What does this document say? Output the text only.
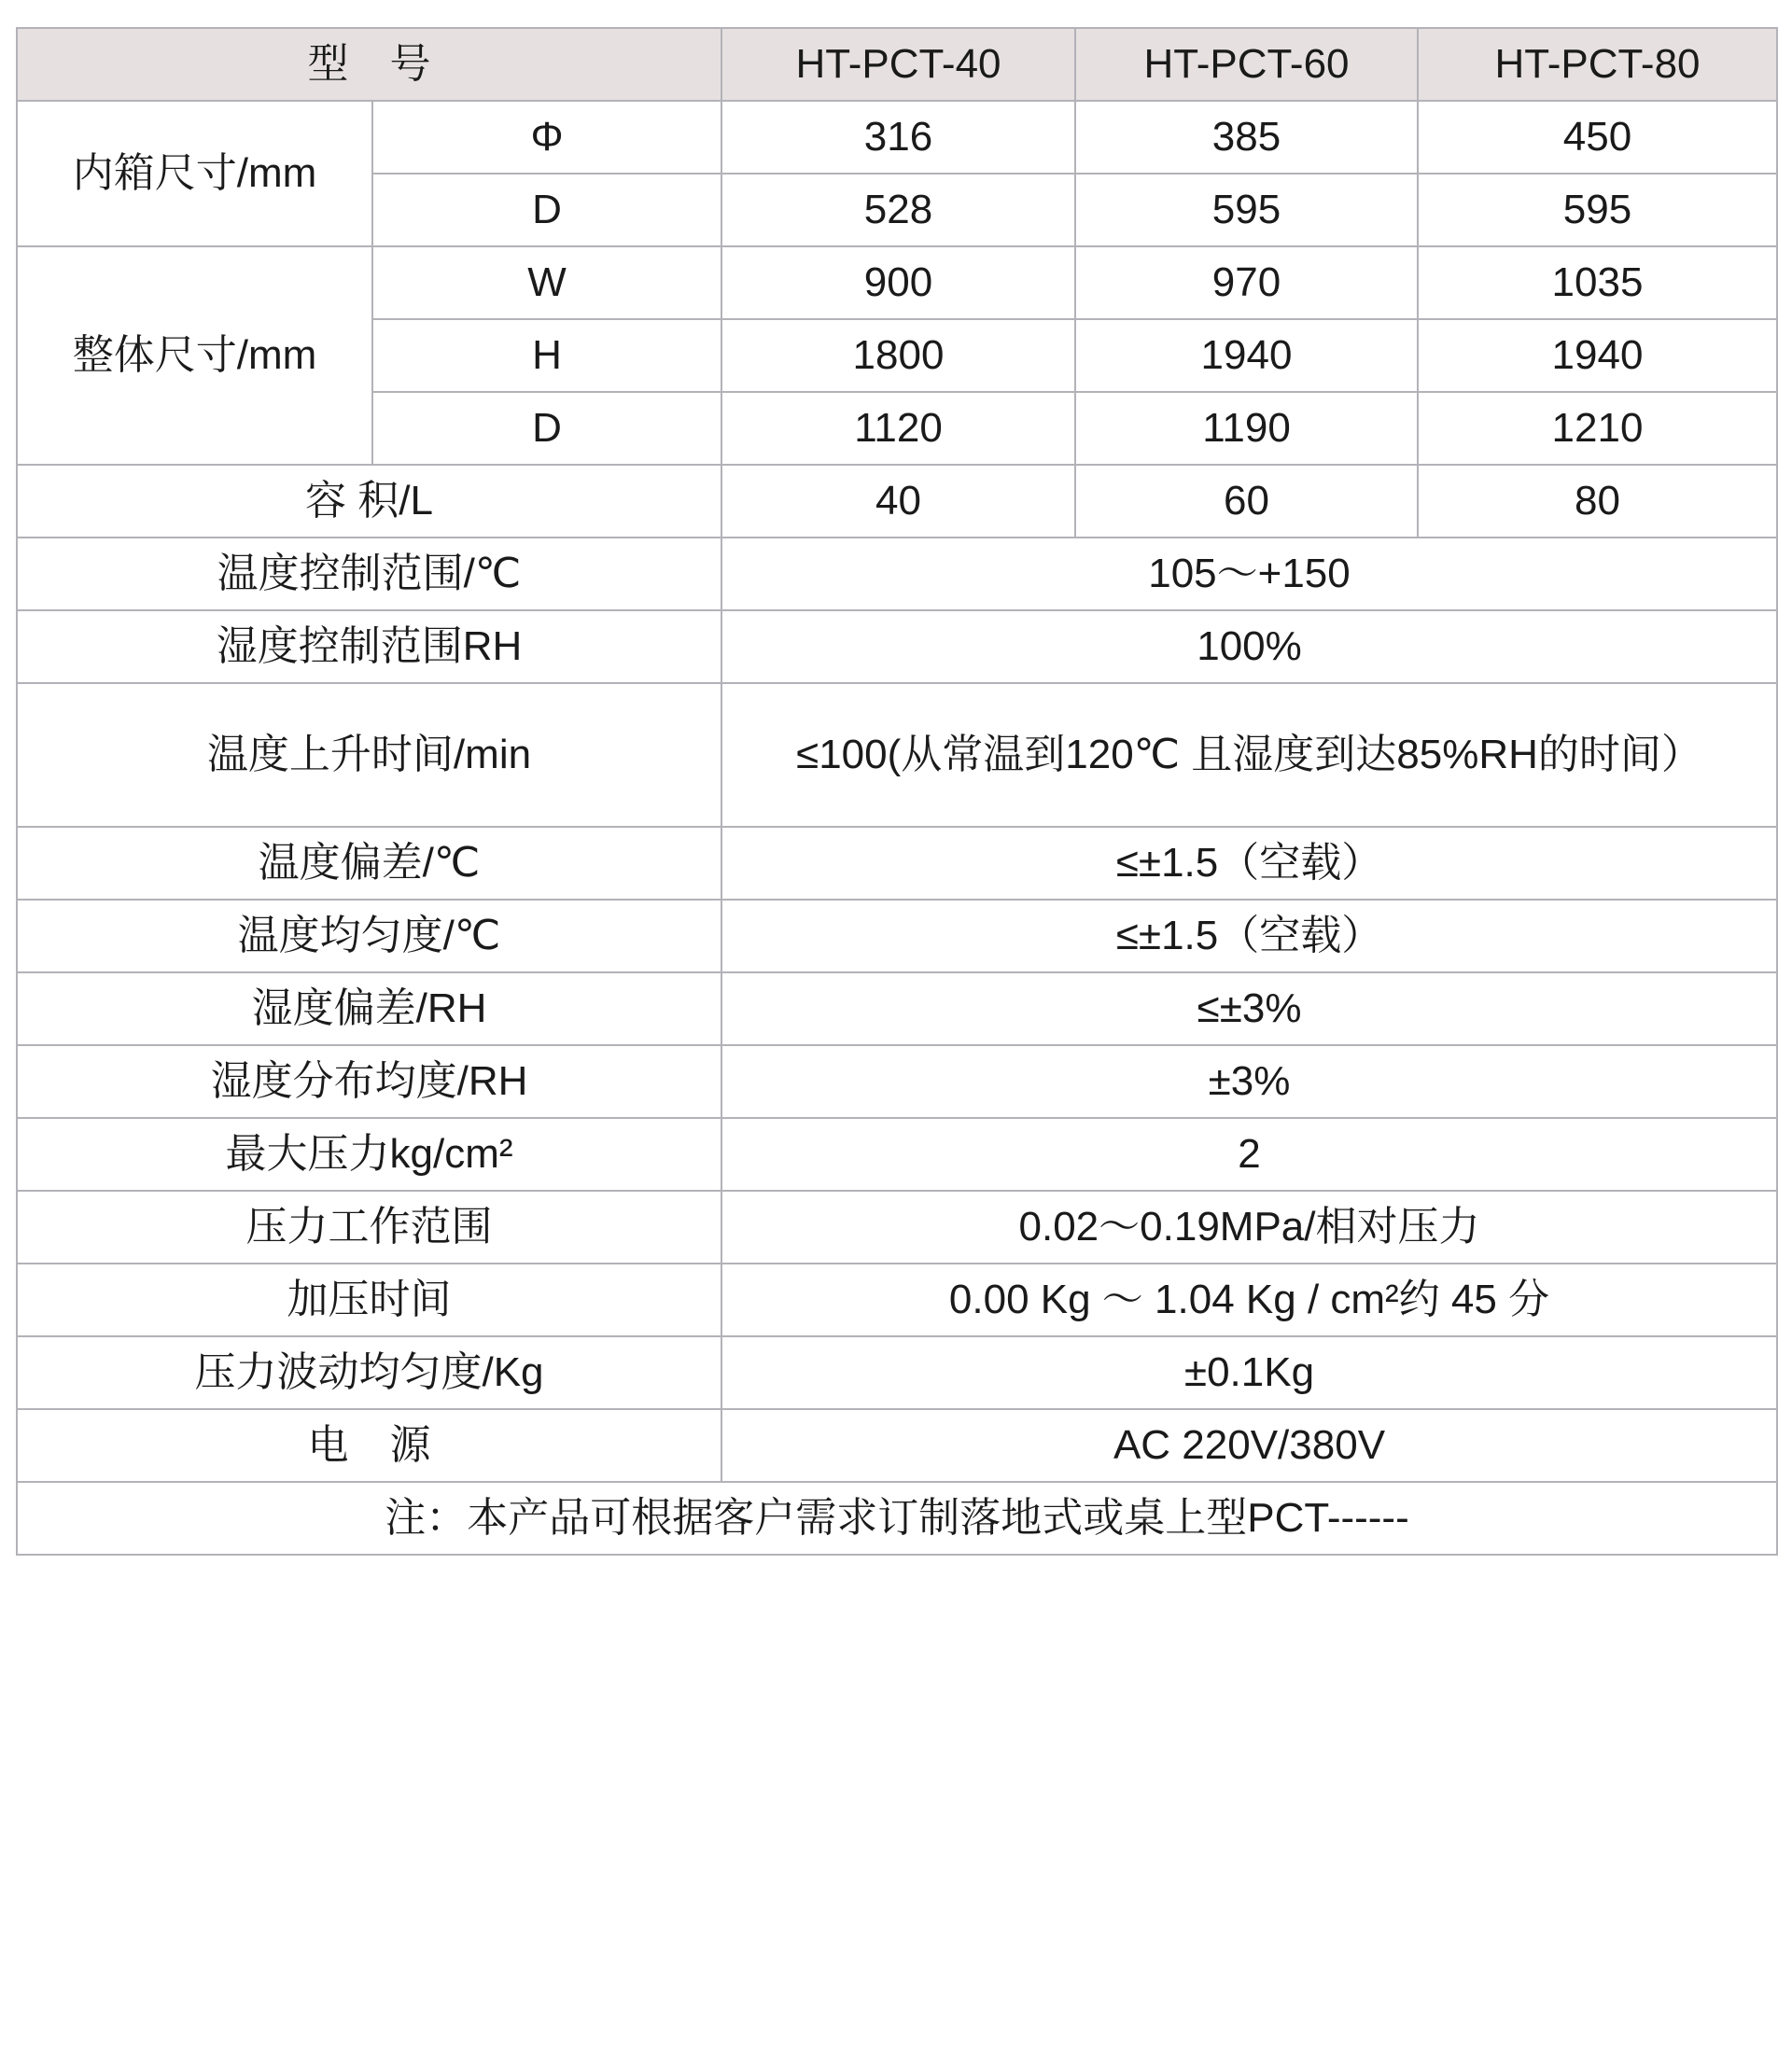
型　号		HT-PCT-40	HT-PCT-60	HT-PCT-80
内箱尺寸/mm	Φ	316	385	450
	D	528	595	595
整体尺寸/mm	W	900	970	1035
	H	1800	1940	1940
	D	1120	1190	1210
容 积/L		40	60	80
温度控制范围/℃		105～+150		
湿度控制范围RH		100%		
温度上升时间/min		≤100(从常温到120℃ 且湿度到达85%RH的时间）		
温度偏差/℃		≤±1.5（空载）		
温度均匀度/℃		≤±1.5（空载）		
湿度偏差/RH		≤±3%		
湿度分布均度/RH		±3%		
最大压力kg/cm²		2		
压力工作范围		0.02～0.19MPa/相对压力		
加压时间		0.00 Kg ～ 1.04 Kg / cm²约 45 分		
压力波动均匀度/Kg		±0.1Kg		
电　源		AC 220V/380V		
注：本产品可根据客户需求订制落地式或桌上型PCT------				
